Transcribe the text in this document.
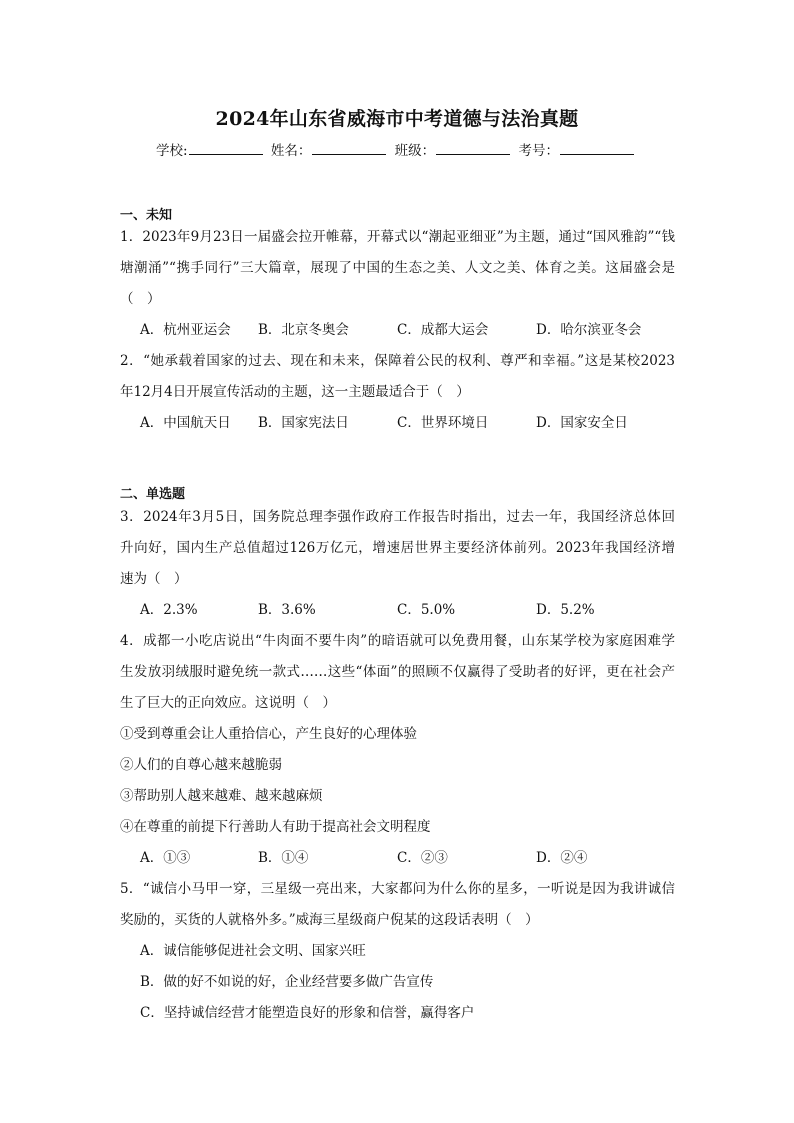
2024年山东省威海市中考道德与法治真题
学校:	姓名：	班级：	考号：
一、未知
1．2023年9月23日一届盛会拉开帷幕，开幕式以“潮起亚细亚”为主题，通过“国风雅韵”“钱
塘潮涌”“携手同行”三大篇章，展现了中国的生态之美、人文之美、体育之美。这届盛会是
（　）
A．杭州亚运会 B．北京冬奥会	C．成都大运会	D．哈尔滨亚冬会
2．“她承载着国家的过去、现在和未来，保障着公民的权利、尊严和幸福。”这是某校2023
年12月4日开展宣传活动的主题，这一主题最适合于（　）
A．中国航天日 B．国家宪法日	C．世界环境日	D．国家安全日
二、单选题
3．2024年3月5日，国务院总理李强作政府工作报告时指出，过去一年，我国经济总体回
升向好，国内生产总值超过126万亿元，增速居世界主要经济体前列。2023年我国经济增
速为（　）
A．2.3%	B．3.6%	C．5.0%	D．5.2%
4．成都一小吃店说出“牛肉面不要牛肉”的暗语就可以免费用餐，山东某学校为家庭困难学
生发放羽绒服时避免统一款式……这些“体面”的照顾不仅赢得了受助者的好评，更在社会产
生了巨大的正向效应。这说明（　）
①受到尊重会让人重拾信心，产生良好的心理体验
②人们的自尊心越来越脆弱
③帮助别人越来越难、越来越麻烦
④在尊重的前提下行善助人有助于提高社会文明程度
A．①③	B．①④	C．②③	D．②④
5．“诚信小马甲一穿，三星级一亮出来，大家都问为什么你的星多，一听说是因为我讲诚信
奖励的，买货的人就格外多。”威海三星级商户倪某的这段话表明（　）
A．诚信能够促进社会文明、国家兴旺
B．做的好不如说的好，企业经营要多做广告宣传
C．坚持诚信经营才能塑造良好的形象和信誉，赢得客户
